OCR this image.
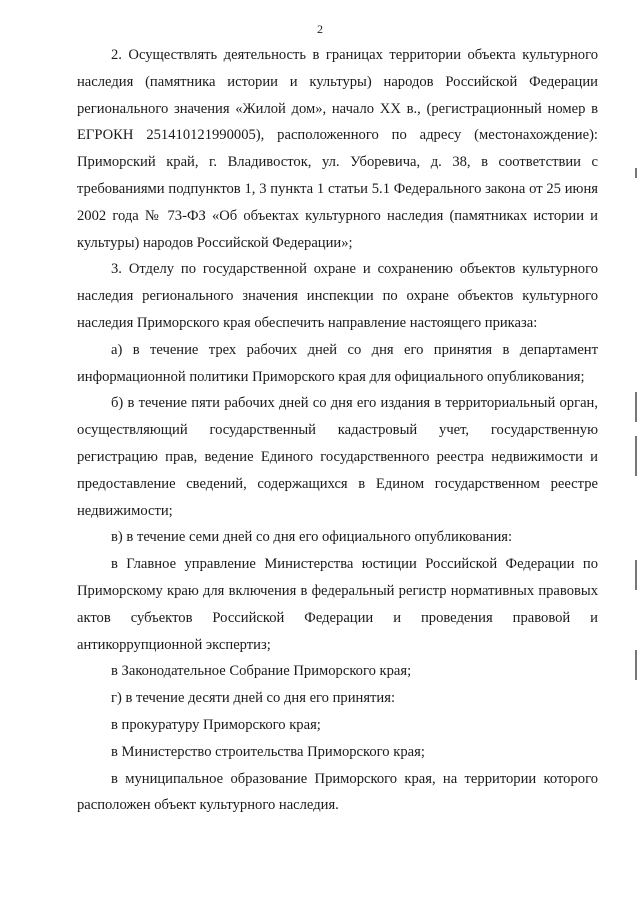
2

2. Осуществлять деятельность в границах территории объекта культурного наследия (памятника истории и культуры) народов Российской Федерации регионального значения «Жилой дом», начало XX в., (регистрационный номер в ЕГРОКН 251410121990005), расположенного по адресу (местонахождение): Приморский край, г. Владивосток, ул. Уборевича, д. 38, в соответствии с требованиями подпунктов 1, 3 пункта 1 статьи 5.1 Федерального закона от 25 июня 2002 года № 73-ФЗ «Об объектах культурного наследия (памятниках истории и культуры) народов Российской Федерации»;

3. Отделу по государственной охране и сохранению объектов культурного наследия регионального значения инспекции по охране объектов культурного наследия Приморского края обеспечить направление настоящего приказа:

а) в течение трех рабочих дней со дня его принятия в департамент информационной политики Приморского края для официального опубликования;

б) в течение пяти рабочих дней со дня его издания в территориальный орган, осуществляющий государственный кадастровый учет, государственную регистрацию прав, ведение Единого государственного реестра недвижимости и предоставление сведений, содержащихся в Едином государственном реестре недвижимости;

в) в течение семи дней со дня его официального опубликования:

в Главное управление Министерства юстиции Российской Федерации по Приморскому краю для включения в федеральный регистр нормативных правовых актов субъектов Российской Федерации и проведения правовой и антикоррупционной экспертиз;

в Законодательное Собрание Приморского края;

г) в течение десяти дней со дня его принятия:

в прокуратуру Приморского края;

в Министерство строительства Приморского края;

в муниципальное образование Приморского края, на территории которого расположен объект культурного наследия.
